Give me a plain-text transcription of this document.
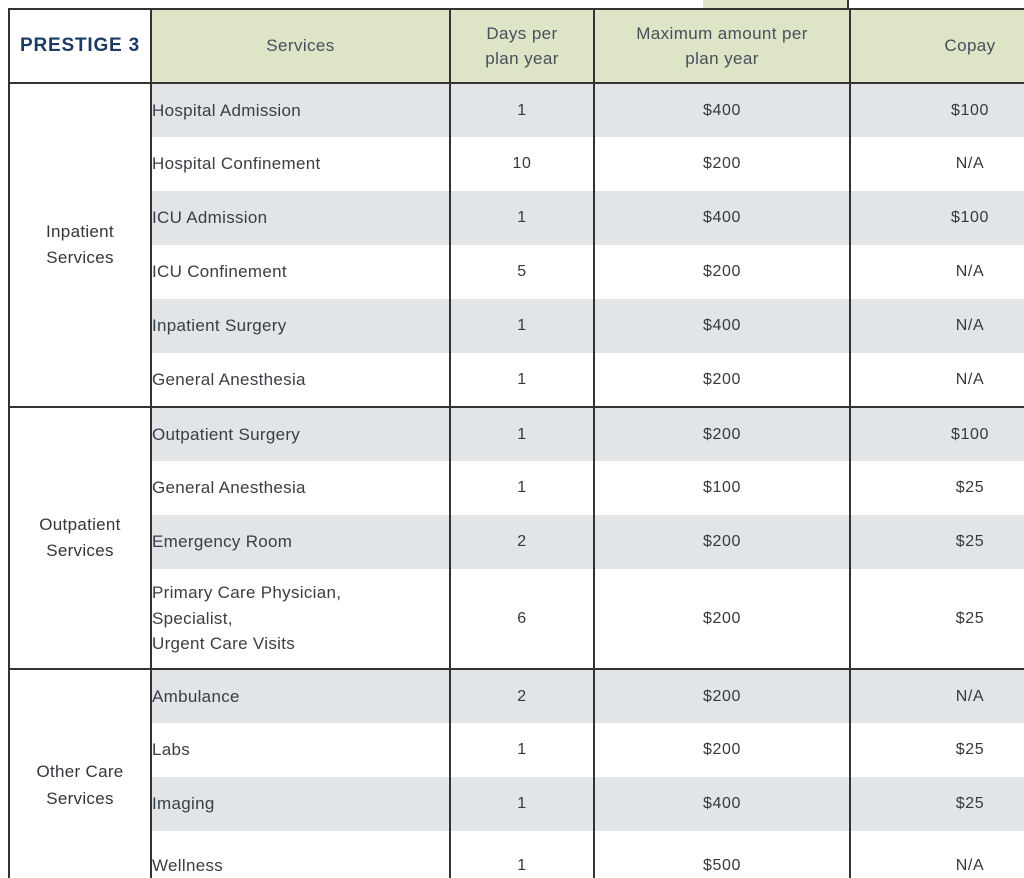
PRESTIGE 3	Services	Days per
plan year	Maximum amount per
plan year	Copay
Inpatient
Services	Hospital Admission	1	$400	$100
	Hospital Confinement	10	$200	N/A
	ICU Admission	1	$400	$100
	ICU Confinement	5	$200	N/A
	Inpatient Surgery	1	$400	N/A
	General Anesthesia	1	$200	N/A
Outpatient
Services	Outpatient Surgery	1	$200	$100
	General Anesthesia	1	$100	$25
	Emergency Room	2	$200	$25
	Primary Care Physician,
Specialist,
Urgent Care Visits	6	$200	$25
Other Care
Services	Ambulance	2	$200	N/A
	Labs	1	$200	$25
	Imaging	1	$400	$25
	Wellness	1	$500	N/A
